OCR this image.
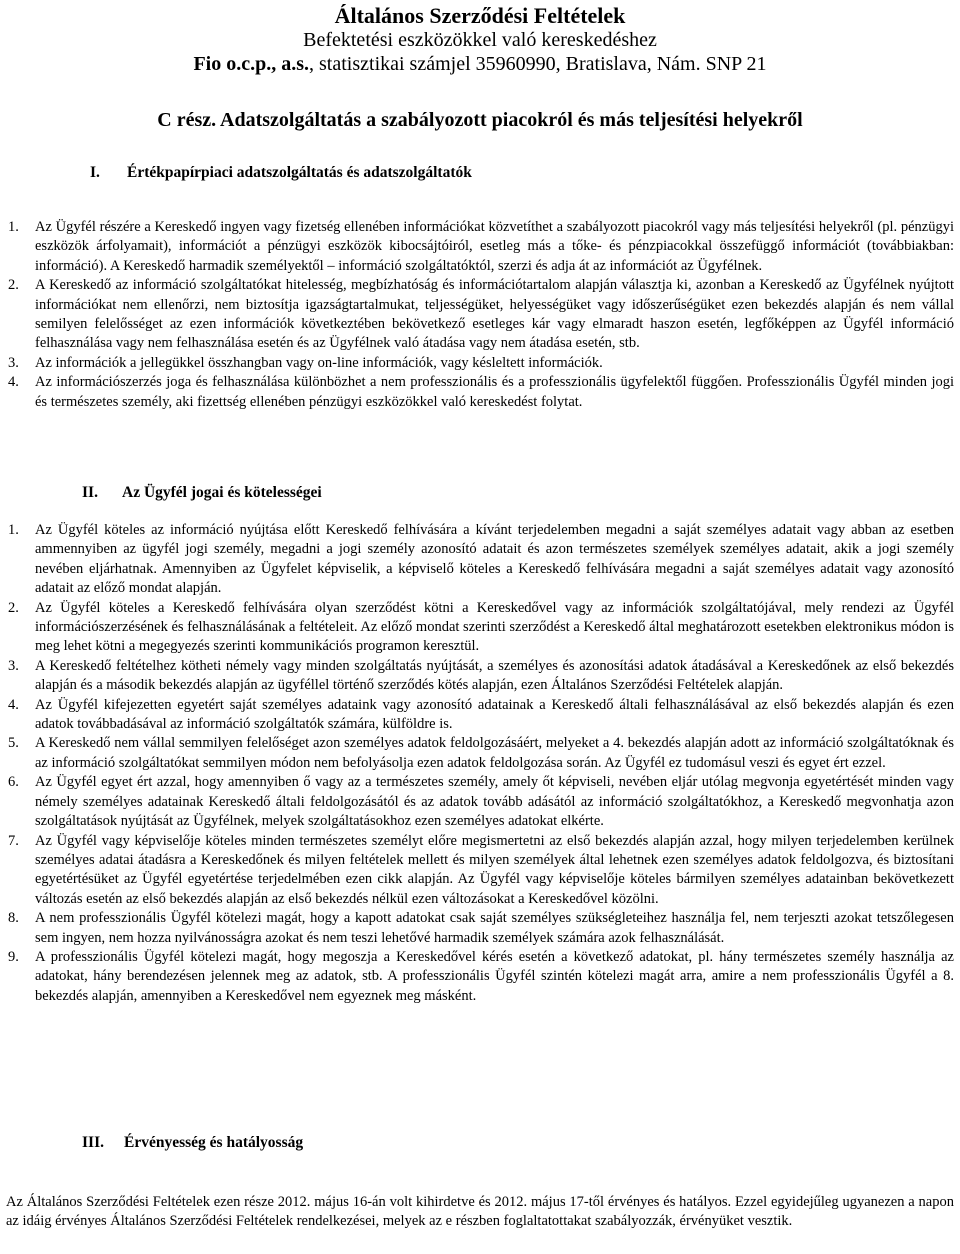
Általános Szerződési Feltételek
Befektetési eszközökkel való kereskedéshez
Fio o.c.p., a.s., statisztikai számjel 35960990, Bratislava, Nám. SNP 21
C rész. Adatszolgáltatás a szabályozott piacokról és más teljesítési helyekről
I. Értékpapírpiaci adatszolgáltatás és adatszolgáltatók
1. Az Ügyfél részére a Kereskedő ingyen vagy fizetség ellenében információkat közvetíthet a szabályozott piacokról vagy más teljesítési helyekről (pl. pénzügyi eszközök árfolyamait), információt a pénzügyi eszközök kibocsájtóiról, esetleg más a tőke- és pénzpiacokkal összefüggő információt (továbbiakban: információ). A Kereskedő harmadik személyektől – információ szolgáltatóktól, szerzi és adja át az információt az Ügyfélnek.
2. A Kereskedő az információ szolgáltatókat hitelesség, megbízhatóság és információtartalom alapján választja ki, azonban a Kereskedő az Ügyfélnek nyújtott információkat nem ellenőrzi, nem biztosítja igazságtartalmukat, teljességüket, helyességüket vagy időszerűségüket ezen bekezdés alapján és nem vállal semilyen felelősséget az ezen információk következtében bekövetkező esetleges kár vagy elmaradt haszon esetén, legfőképpen az Ügyfél információ felhasználása vagy nem felhasználása esetén és az Ügyfélnek való átadása vagy nem átadása esetén, stb.
3. Az információk a jellegükkel összhangban vagy on-line információk, vagy késleltett információk.
4. Az információszerzés joga és felhasználása különbözhet a nem professzionális és a professzionális ügyfelektől függően. Professzionális Ügyfél minden jogi és természetes személy, aki fizettség ellenében pénzügyi eszközökkel való kereskedést folytat.
II. Az Ügyfél jogai és kötelességei
1. Az Ügyfél köteles az információ nyújtása előtt Kereskedő felhívására a kívánt terjedelemben megadni a saját személyes adatait vagy abban az esetben ammennyiben az ügyfél jogi személy, megadni a jogi személy azonosító adatait és azon természetes személyek személyes adatait, akik a jogi személy nevében eljárhatnak. Amennyiben az Ügyfelet képviselik, a képviselő köteles a Kereskedő felhívására megadni a saját személyes adatait vagy azonosító adatait az előző mondat alapján.
2. Az Ügyfél köteles a Kereskedő felhívására olyan szerződést kötni a Kereskedővel vagy az információk szolgáltatójával, mely rendezi az Ügyfél információszerzésének és felhasználásának a feltételeit. Az előző mondat szerinti szerződést a Kereskedő által meghatározott esetekben elektronikus módon is meg lehet kötni a megegyezés szerinti kommunikációs programon keresztül.
3. A Kereskedő feltételhez kötheti némely vagy minden szolgáltatás nyújtását, a személyes és azonosítási adatok átadásával a Kereskedőnek az első bekezdés alapján és a második bekezdés alapján az ügyféllel történő szerződés kötés alapján, ezen Általános Szerződési Feltételek alapján.
4. Az Ügyfél kifejezetten egyetért saját személyes adataink vagy azonosító adatainak a Kereskedő általi felhasználásával az első bekezdés alapján és ezen adatok továbbadásával az információ szolgáltatók számára, külföldre is.
5. A Kereskedő nem vállal semmilyen felelőséget azon személyes adatok feldolgozásáért, melyeket a 4. bekezdés alapján adott az információ szolgáltatóknak és az információ szolgáltatókat semmilyen módon nem befolyásolja ezen adatok feldolgozása során. Az Ügyfél ez tudomásul veszi és egyet ért ezzel.
6. Az Ügyfél egyet ért azzal, hogy amennyiben ő vagy az a természetes személy, amely őt képviseli, nevében eljár utólag megvonja egyetértését minden vagy némely személyes adatainak Kereskedő általi feldolgozásától és az adatok tovább adásától az információ szolgáltatókhoz, a Kereskedő megvonhatja azon szolgáltatások nyújtását az Ügyfélnek, melyek szolgáltatásokhoz ezen személyes adatokat elkérte.
7. Az Ügyfél vagy képviselője köteles minden természetes személyt előre megismertetni az első bekezdés alapján azzal, hogy milyen terjedelemben kerülnek személyes adatai átadásra a Kereskedőnek és milyen feltételek mellett és milyen személyek által lehetnek ezen személyes adatok feldolgozva, és biztosítani egyetértésüket az Ügyfél egyetértése terjedelmében ezen cikk alapján. Az Ügyfél vagy képviselője köteles bármilyen személyes adatainban bekövetkezett változás esetén az első bekezdés alapján az első bekezdés nélkül ezen változásokat a Kereskedővel közölni.
8. A nem professzionális Ügyfél kötelezi magát, hogy a kapott adatokat csak saját személyes szükségleteihez használja fel, nem terjeszti azokat tetszőlegesen sem ingyen, nem hozza nyilvánosságra azokat és nem teszi lehetővé harmadik személyek számára azok felhasználását.
9. A professzionális Ügyfél kötelezi magát, hogy megoszja a Kereskedővel kérés esetén a következő adatokat, pl. hány természetes személy használja az adatokat, hány berendezésen jelennek meg az adatok, stb. A professzionális Ügyfél szintén kötelezi magát arra, amire a nem professzionális Ügyfél a 8. bekezdés alapján, amennyiben a Kereskedővel nem egyeznek meg másként.
III. Érvényesség és hatályosság
Az Általános Szerződési Feltételek ezen része 2012. május 16-án volt kihirdetve és 2012. május 17-től érvényes és hatályos. Ezzel egyidejűleg ugyanezen a napon az idáig érvényes Általános Szerződési Feltételek rendelkezései, melyek az e részben foglaltatottakat szabályozzák, érvényüket vesztik.
